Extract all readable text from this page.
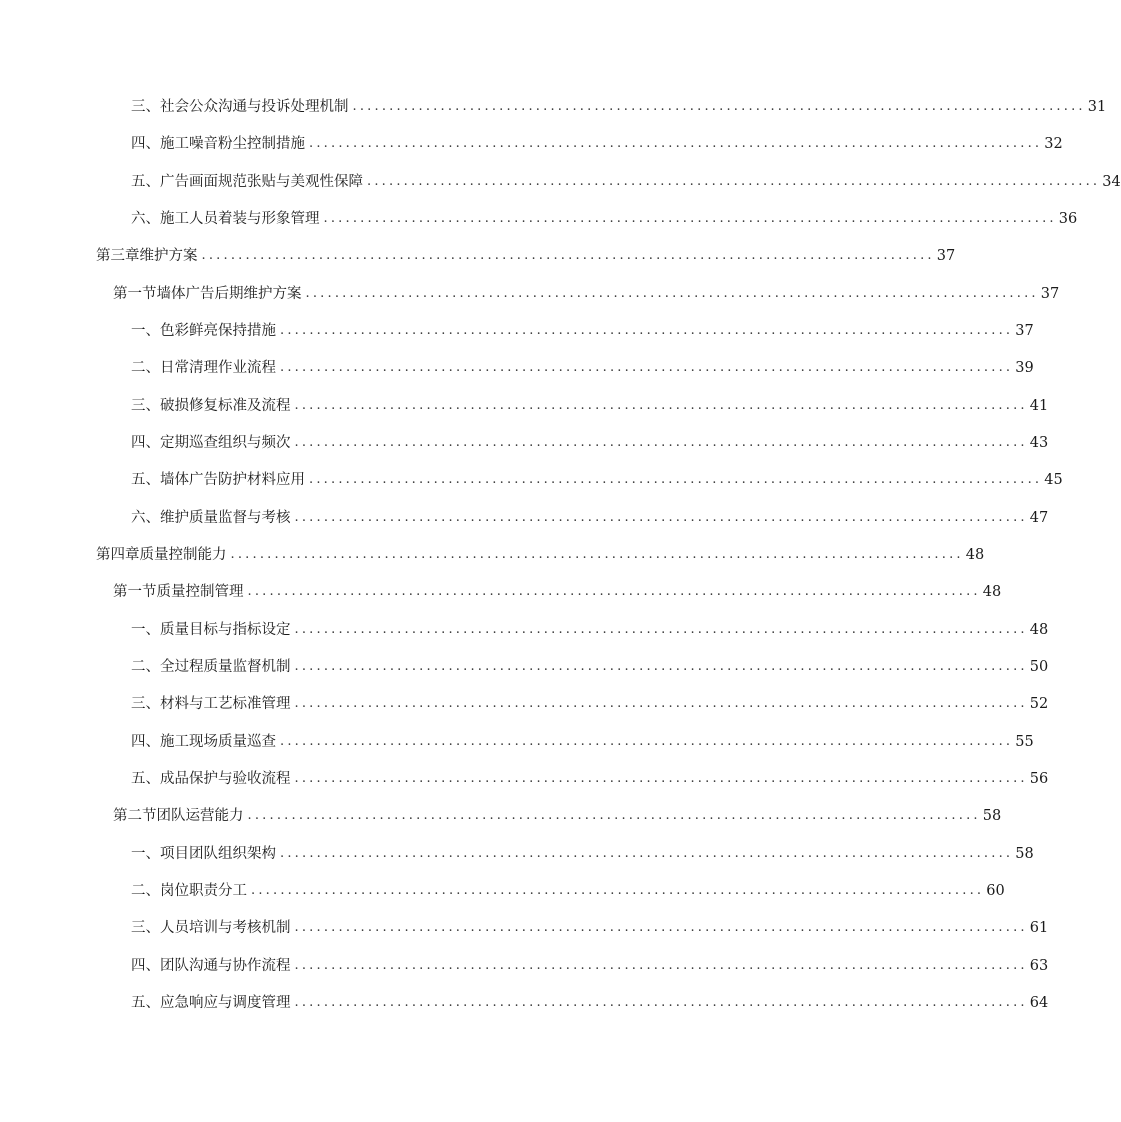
三、 社会公众沟通与投诉处理机制 .................................................................................................... 31
四、 施工噪音粉尘控制措施 .................................................................................................... 32
五、 广告画面规范张贴与美观性保障 .................................................................................................... 34
六、 施工人员着装与形象管理 .................................................................................................... 36
第三章 维护方案 .................................................................................................... 37
第一节 墙体广告后期维护方案 .................................................................................................... 37
一、 色彩鲜亮保持措施 .................................................................................................... 37
二、 日常清理作业流程 .................................................................................................... 39
三、 破损修复标准及流程 .................................................................................................... 41
四、 定期巡查组织与频次 .................................................................................................... 43
五、 墙体广告防护材料应用 .................................................................................................... 45
六、 维护质量监督与考核 .................................................................................................... 47
第四章 质量控制能力 .................................................................................................... 48
第一节 质量控制管理 .................................................................................................... 48
一、 质量目标与指标设定 .................................................................................................... 48
二、 全过程质量监督机制 .................................................................................................... 50
三、 材料与工艺标准管理 .................................................................................................... 52
四、 施工现场质量巡查 .................................................................................................... 55
五、 成品保护与验收流程 .................................................................................................... 56
第二节 团队运营能力 .................................................................................................... 58
一、 项目团队组织架构 .................................................................................................... 58
二、 岗位职责分工 .................................................................................................... 60
三、 人员培训与考核机制 .................................................................................................... 61
四、 团队沟通与协作流程 .................................................................................................... 63
五、 应急响应与调度管理 .................................................................................................... 64
